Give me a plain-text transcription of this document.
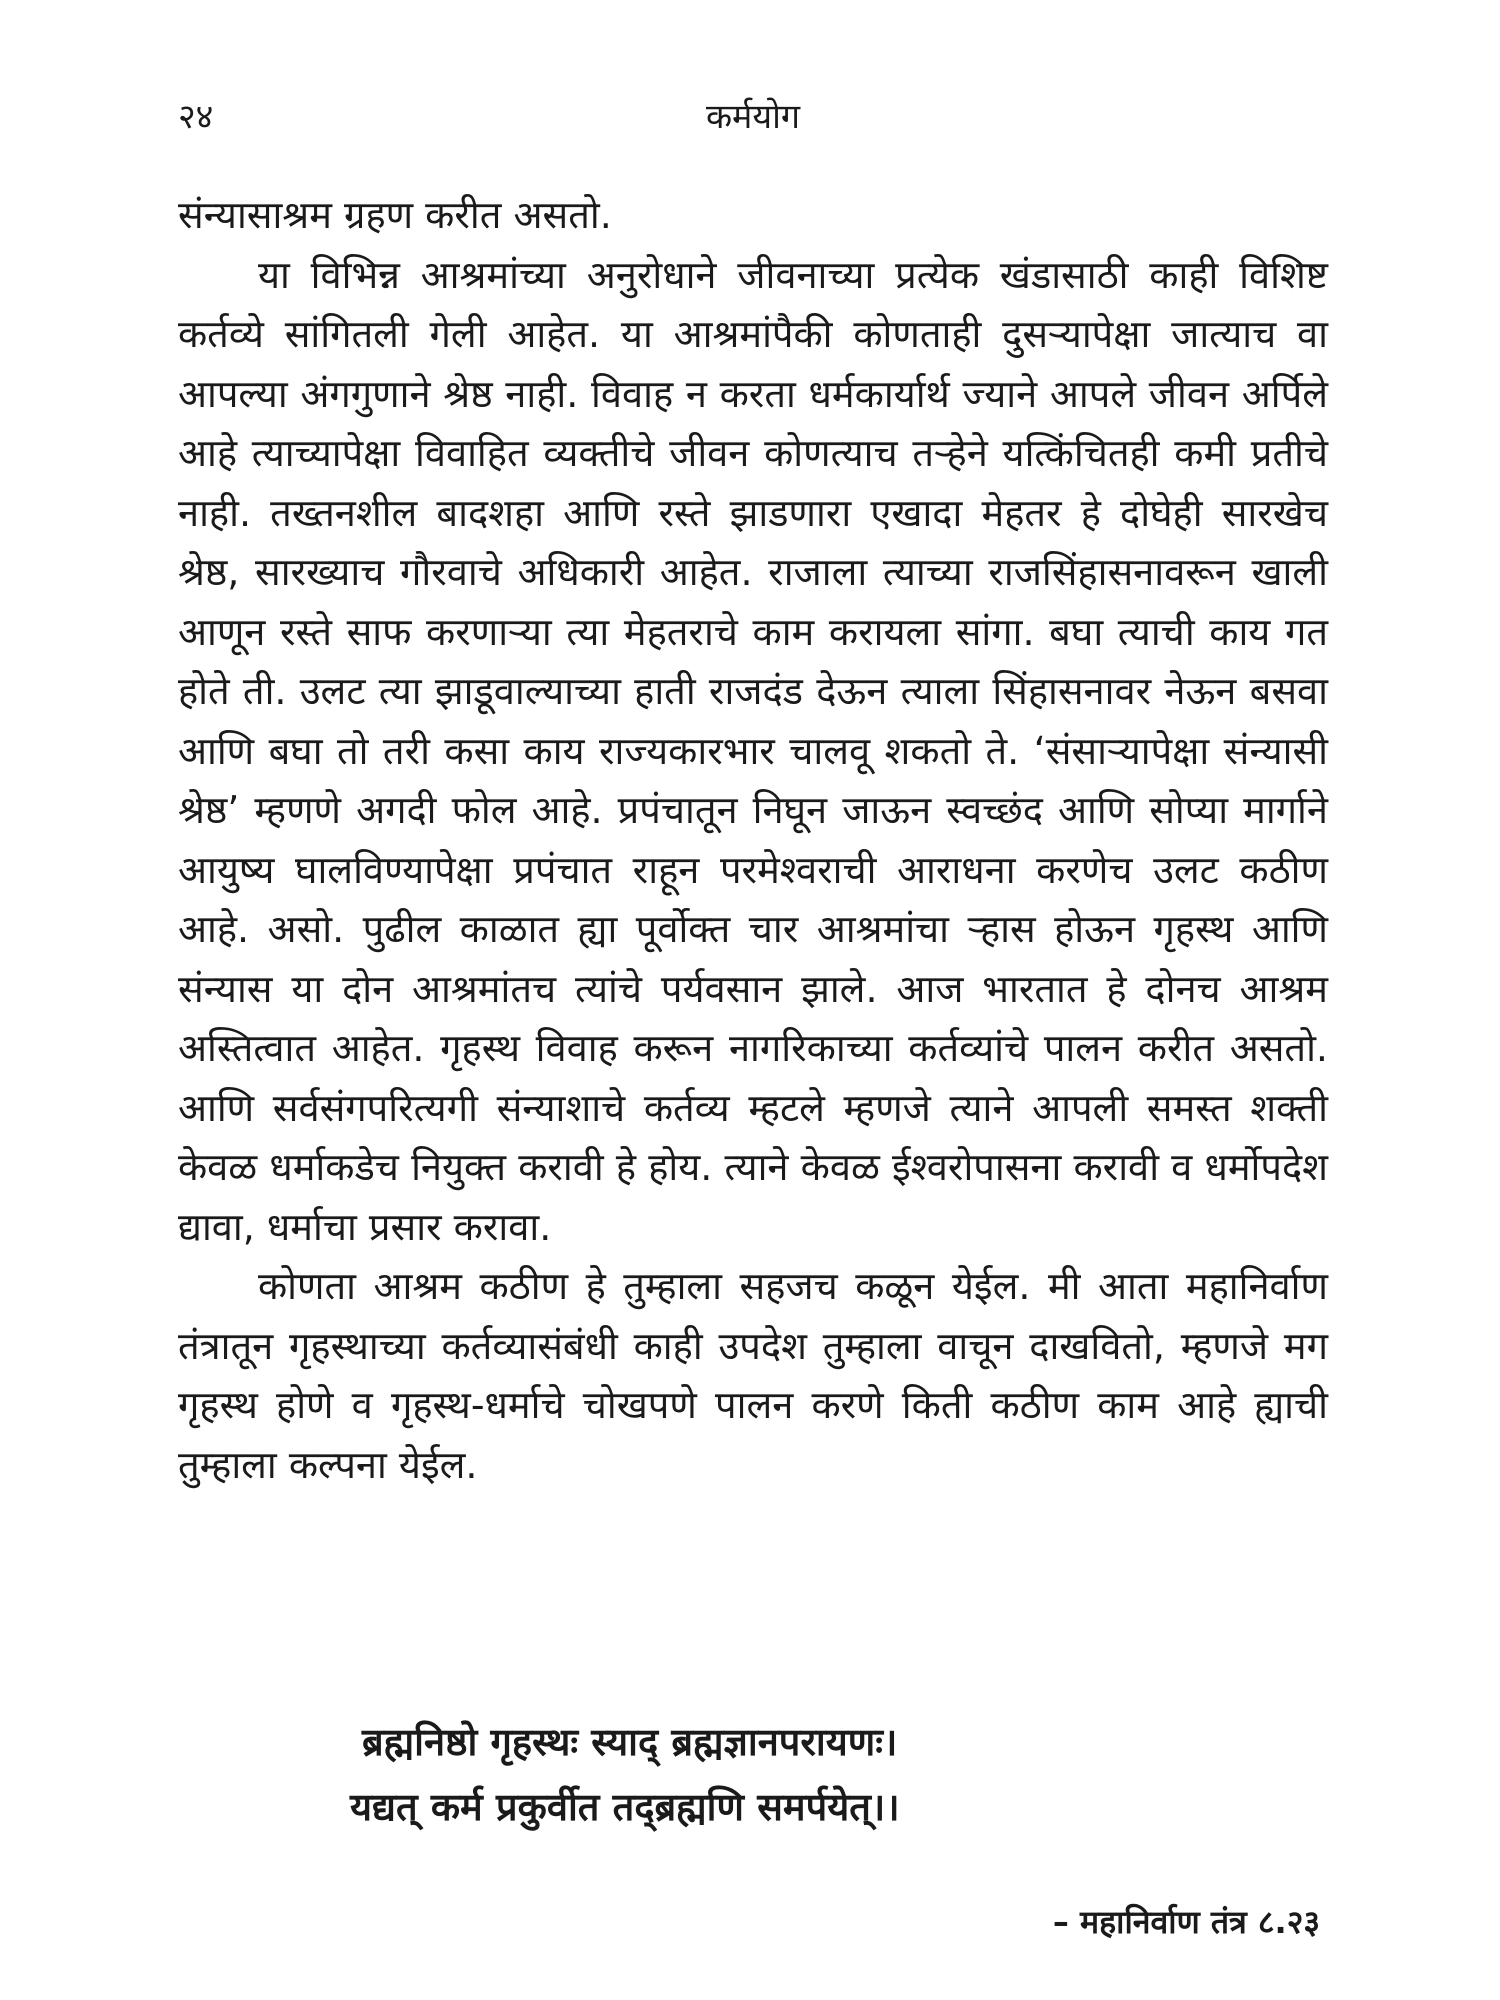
२४	कर्मयोग

संन्यासाश्रम ग्रहण करीत असतो.

या विभिन्न आश्रमांच्या अनुरोधाने जीवनाच्या प्रत्येक खंडासाठी काही विशिष्ट कर्तव्ये सांगितली गेली आहेत. या आश्रमांपैकी कोणताही दुसऱ्यापेक्षा जात्याच वा आपल्या अंगगुणाने श्रेष्ठ नाही. विवाह न करता धर्मकार्यार्थ ज्याने आपले जीवन अर्पिले आहे त्याच्यापेक्षा विवाहित व्यक्तीचे जीवन कोणत्याच तऱ्हेने यत्किंचितही कमी प्रतीचे नाही. तख्तनशील बादशहा आणि रस्ते झाडणारा एखादा मेहतर हे दोघेही सारखेच श्रेष्ठ, सारख्याच गौरवाचे अधिकारी आहेत. राजाला त्याच्या राजसिंहासनावरून खाली आणून रस्ते साफ करणाऱ्या त्या मेहतराचे काम करायला सांगा. बघा त्याची काय गत होते ती. उलट त्या झाडूवाल्याच्या हाती राजदंड देऊन त्याला सिंहासनावर नेऊन बसवा आणि बघा तो तरी कसा काय राज्यकारभार चालवू शकतो ते. ‘संसाऱ्यापेक्षा संन्यासी श्रेष्ठ’ म्हणणे अगदी फोल आहे. प्रपंचातून निघून जाऊन स्वच्छंद आणि सोप्या मार्गाने आयुष्य घालविण्यापेक्षा प्रपंचात राहून परमेश्वराची आराधना करणेच उलट कठीण आहे. असो. पुढील काळात ह्या पूर्वोक्त चार आश्रमांचा ऱ्हास होऊन गृहस्थ आणि संन्यास या दोन आश्रमांतच त्यांचे पर्यवसान झाले. आज भारतात हे दोनच आश्रम अस्तित्वात आहेत. गृहस्थ विवाह करून नागरिकाच्या कर्तव्यांचे पालन करीत असतो. आणि सर्वसंगपरित्यगी संन्याशाचे कर्तव्य म्हटले म्हणजे त्याने आपली समस्त शक्ती केवळ धर्माकडेच नियुक्त करावी हे होय. त्याने केवळ ईश्वरोपासना करावी व धर्मोपदेश द्यावा, धर्माचा प्रसार करावा.

कोणता आश्रम कठीण हे तुम्हाला सहजच कळून येईल. मी आता महानिर्वाण तंत्रातून गृहस्थाच्या कर्तव्यासंबंधी काही उपदेश तुम्हाला वाचून दाखवितो, म्हणजे मग गृहस्थ होणे व गृहस्थ-धर्माचे चोखपणे पालन करणे किती कठीण काम आहे ह्याची तुम्हाला कल्पना येईल.

ब्रह्मनिष्ठो गृहस्थः स्याद् ब्रह्मज्ञानपरायणः।
यद्यत् कर्म प्रकुर्वीत तद्ब्रह्मणि समर्पयेत्।।
– महानिर्वाण तंत्र ८.२३
